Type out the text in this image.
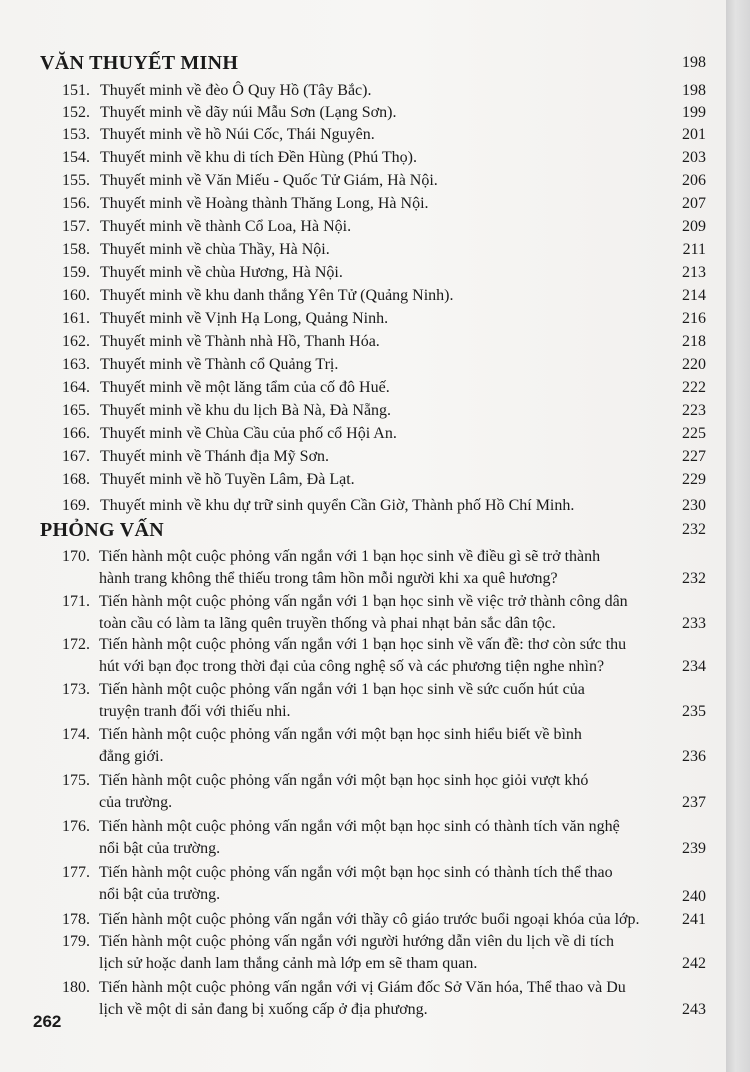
VĂN THUYẾT MINH	198
151. Thuyết minh về đèo Ô Quy Hồ (Tây Bắc).	198
152. Thuyết minh về dãy núi Mẫu Sơn (Lạng Sơn).	199
153. Thuyết minh về hồ Núi Cốc, Thái Nguyên.	201
154. Thuyết minh về khu di tích Đền Hùng (Phú Thọ).	203
155. Thuyết minh về Văn Miếu - Quốc Tử Giám, Hà Nội.	206
156. Thuyết minh về Hoàng thành Thăng Long, Hà Nội.	207
157. Thuyết minh về thành Cổ Loa, Hà Nội.	209
158. Thuyết minh về chùa Thầy, Hà Nội.	211
159. Thuyết minh về chùa Hương, Hà Nội.	213
160. Thuyết minh về khu danh thắng Yên Tử (Quảng Ninh).	214
161. Thuyết minh về Vịnh Hạ Long, Quảng Ninh.	216
162. Thuyết minh về Thành nhà Hồ, Thanh Hóa.	218
163. Thuyết minh về Thành cổ Quảng Trị.	220
164. Thuyết minh về một lăng tẩm của cố đô Huế.	222
165. Thuyết minh về khu du lịch Bà Nà, Đà Nẵng.	223
166. Thuyết minh về Chùa Cầu của phố cổ Hội An.	225
167. Thuyết minh về Thánh địa Mỹ Sơn.	227
168. Thuyết minh về hồ Tuyền Lâm, Đà Lạt.	229
169. Thuyết minh về khu dự trữ sinh quyển Cần Giờ, Thành phố Hồ Chí Minh.	230
PHỎNG VẤN	232
170. Tiến hành một cuộc phỏng vấn ngắn với 1 bạn học sinh về điều gì sẽ trở thành
hành trang không thể thiếu trong tâm hồn mỗi người khi xa quê hương?	232
171. Tiến hành một cuộc phỏng vấn ngắn với 1 bạn học sinh về việc trở thành công dân
toàn cầu có làm ta lãng quên truyền thống và phai nhạt bản sắc dân tộc.	233
172. Tiến hành một cuộc phỏng vấn ngắn với 1 bạn học sinh về vấn đề: thơ còn sức thu
hút với bạn đọc trong thời đại của công nghệ số và các phương tiện nghe nhìn?	234
173. Tiến hành một cuộc phỏng vấn ngắn với 1 bạn học sinh về sức cuốn hút của
truyện tranh đối với thiếu nhi.	235
174. Tiến hành một cuộc phỏng vấn ngắn với một bạn học sinh hiểu biết về bình
đẳng giới.	236
175. Tiến hành một cuộc phỏng vấn ngắn với một bạn học sinh học giỏi vượt khó
của trường.	237
176. Tiến hành một cuộc phỏng vấn ngắn với một bạn học sinh có thành tích văn nghệ
nổi bật của trường.	239
177. Tiến hành một cuộc phỏng vấn ngắn với một bạn học sinh có thành tích thể thao
nổi bật của trường.	240
178. Tiến hành một cuộc phỏng vấn ngắn với thầy cô giáo trước buổi ngoại khóa của lớp.	241
179. Tiến hành một cuộc phỏng vấn ngắn với người hướng dẫn viên du lịch về di tích
lịch sử hoặc danh lam thắng cảnh mà lớp em sẽ tham quan.	242
180. Tiến hành một cuộc phỏng vấn ngắn với vị Giám đốc Sở Văn hóa, Thể thao và Du
lịch về một di sản đang bị xuống cấp ở địa phương.	243
262
